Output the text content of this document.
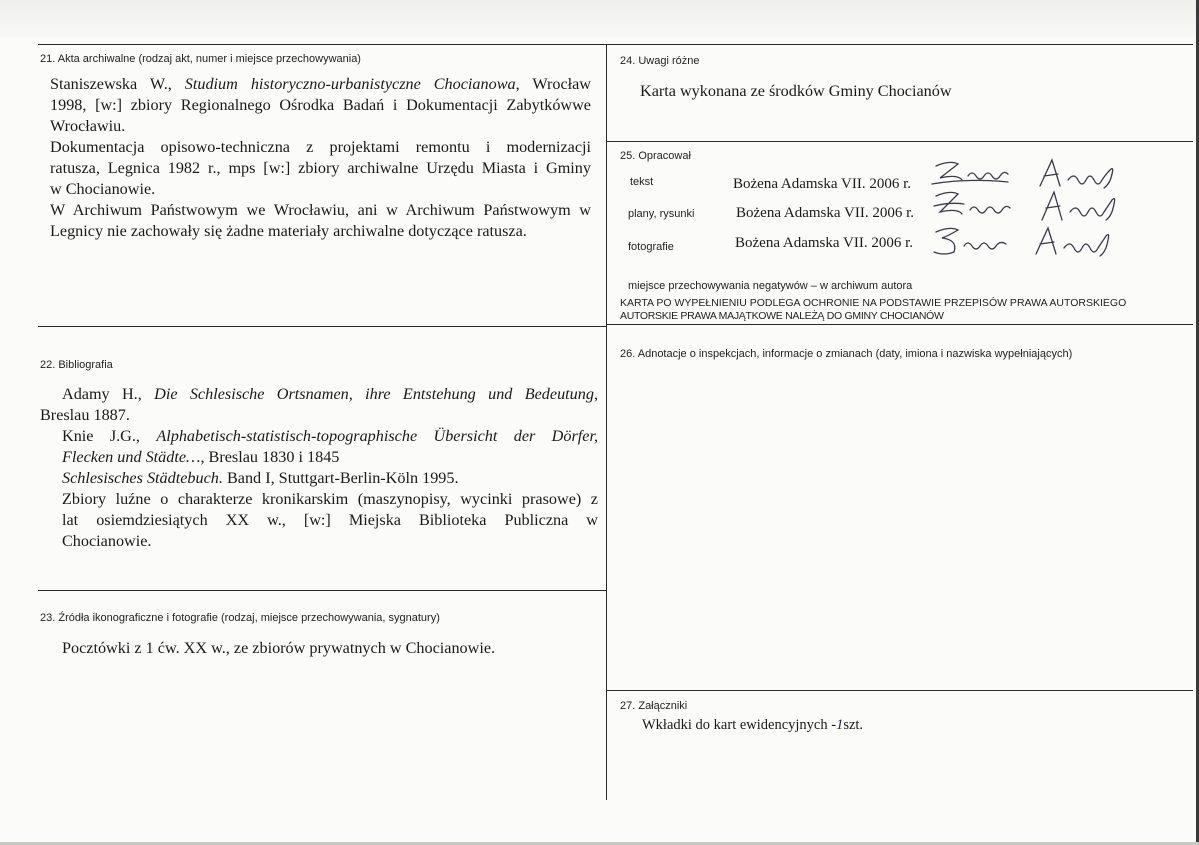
21. Akta archiwalne (rodzaj akt, numer i miejsce przechowywania)
Staniszewska W., Studium historyczno-urbanistyczne Chocianowa, Wrocław
1998, [w:] zbiory Regionalnego Ośrodka Badań i Dokumentacji Zabytkówwe
Wrocławiu.
Dokumentacja opisowo-techniczna z projektami remontu i modernizacji
ratusza, Legnica 1982 r., mps [w:] zbiory archiwalne Urzędu Miasta i Gminy
w Chocianowie.
W Archiwum Państwowym we Wrocławiu, ani w Archiwum Państwowym w
Legnicy nie zachowały się żadne materiały archiwalne dotyczące ratusza.
22. Bibliografia
Adamy H., Die Schlesische Ortsnamen, ihre Entstehung und Bedeutung,
Breslau 1887.
Knie J.G., Alphabetisch-statistisch-topographische Übersicht der Dörfer,
Flecken und Städte…, Breslau 1830 i 1845
Schlesisches Städtebuch. Band I, Stuttgart-Berlin-Köln 1995.
Zbiory luźne o charakterze kronikarskim (maszynopisy, wycinki prasowe) z
lat osiemdziesiątych XX w., [w:] Miejska Biblioteka Publiczna w
Chocianowie.
23. Źródła ikonograficzne i fotografie (rodzaj, miejsce przechowywania, sygnatury)
Pocztówki z 1 ćw. XX w., ze zbiorów prywatnych w Chocianowie.
24. Uwagi różne
Karta wykonana ze środków Gminy Chocianów
25. Opracował
tekst	Bożena Adamska VII. 2006 r.
plany, rysunki	Bożena Adamska VII. 2006 r.
fotografie	Bożena Adamska VII. 2006 r.
miejsce przechowywania negatywów – w archiwum autora
KARTA PO WYPEŁNIENIU PODLEGA OCHRONIE NA PODSTAWIE PRZEPISÓW PRAWA AUTORSKIEGO
AUTORSKIE PRAWA MAJĄTKOWE NALEŻĄ DO GMINY CHOCIANÓW
26. Adnotacje o inspekcjach, informacje o zmianach (daty, imiona i nazwiska wypełniających)
27. Załączniki
Wkładki do kart ewidencyjnych -1szt.
